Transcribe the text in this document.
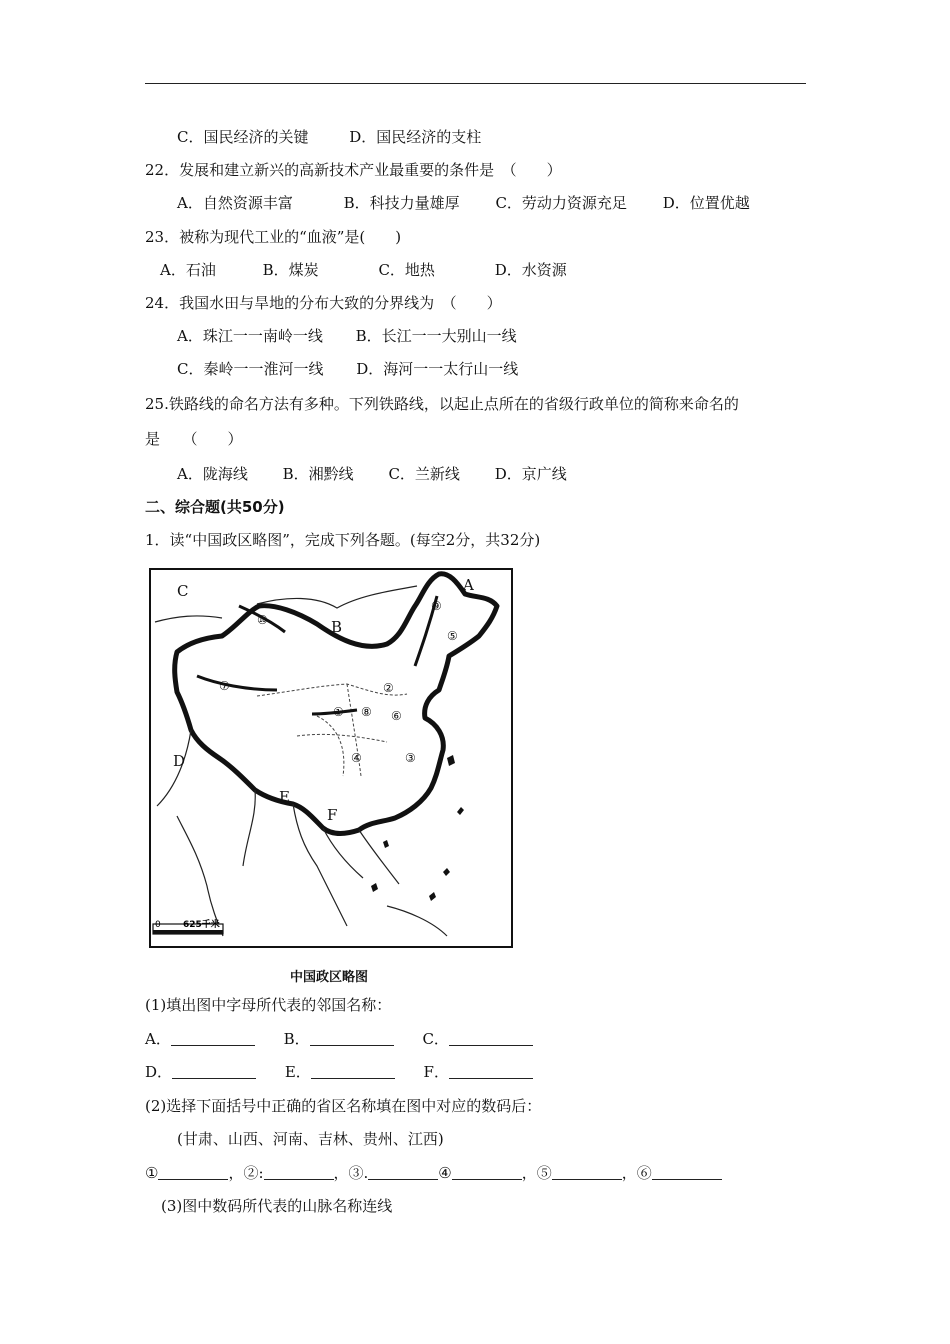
C．国民经济的关键	D．国民经济的支柱
22．发展和建立新兴的高新技术产业最重要的条件是　（　　）
A．自然资源丰富	B．科技力量雄厚 C．劳动力资源充足 D．位置优越
23．被称为现代工业的“血液”是(　　)
A．石油	B．煤炭	C．地热	D．水资源
24．我国水田与旱地的分布大致的分界线为　（　　）
A．珠江一一南岭一线 B．长江一一大别山一线
C．秦岭一一淮河一线 D．海河一一太行山一线
25.铁路线的命名方法有多种。下列铁路线，以起止点所在的省级行政单位的简称来命名的
是　　（　　）
A．陇海线 B．湘黔线 C．兰新线 D．京广线
二、综合题(共50分)
1．读“中国政区略图”，完成下列各题。(每空2分，共32分)
C
B
A
D
E
F
⑩
⑦
⑨
⑤
②
① ⑧ ⑥
③
④
0 625千米
中国政区略图
(1)填出图中字母所代表的邻国名称：
A．	B．	C．
D．	E．	F．
(2)选择下面括号中正确的省区名称填在图中对应的数码后：
(甘肃、山西、河南、吉林、贵州、江西)
①	，②:	，③.	④	，⑤	，⑥
(3)图中数码所代表的山脉名称连线
